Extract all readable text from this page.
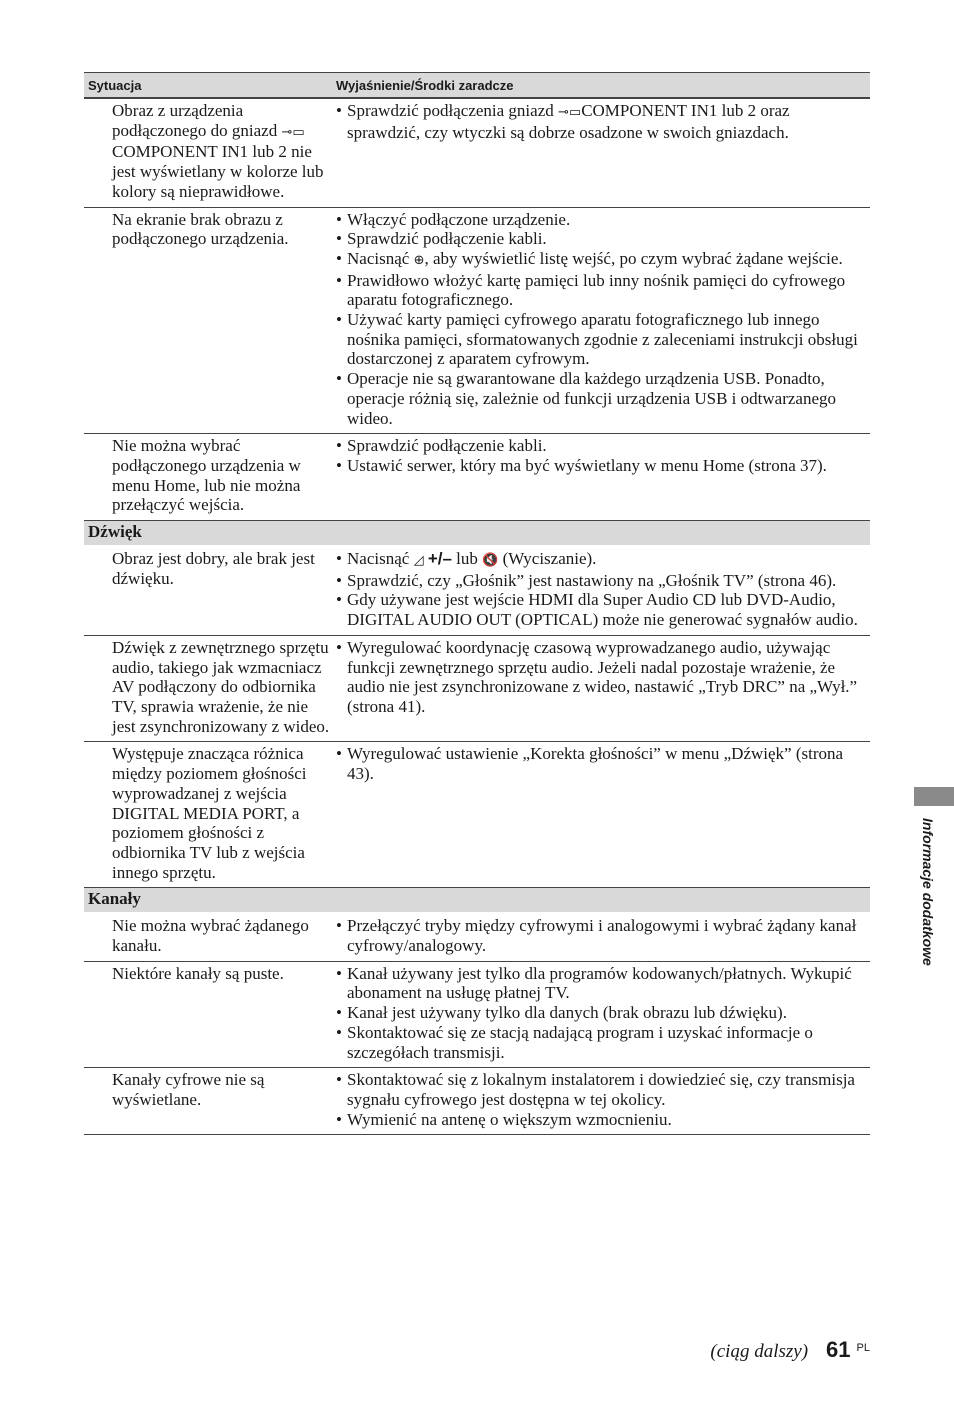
Sytuacja	Wyjaśnienie/Środki zaradcze
Obraz z urządzenia podłączonego do gniazd ⊸▭COMPONENT IN1 lub 2 nie jest wyświetlany w kolorze lub kolory są nieprawidłowe.
• Sprawdzić podłączenia gniazd ⊸▭COMPONENT IN1 lub 2 oraz sprawdzić, czy wtyczki są dobrze osadzone w swoich gniazdach.
Na ekranie brak obrazu z podłączonego urządzenia.
• Włączyć podłączone urządzenie.
• Sprawdzić podłączenie kabli.
• Nacisnąć ⊕, aby wyświetlić listę wejść, po czym wybrać żądane wejście.
• Prawidłowo włożyć kartę pamięci lub inny nośnik pamięci do cyfrowego aparatu fotograficznego.
• Używać karty pamięci cyfrowego aparatu fotograficznego lub innego nośnika pamięci, sformatowanych zgodnie z zaleceniami instrukcji obsługi dostarczonej z aparatem cyfrowym.
• Operacje nie są gwarantowane dla każdego urządzenia USB. Ponadto, operacje różnią się, zależnie od funkcji urządzenia USB i odtwarzanego wideo.
Nie można wybrać podłączonego urządzenia w menu Home, lub nie można przełączyć wejścia.
• Sprawdzić podłączenie kabli.
• Ustawić serwer, który ma być wyświetlany w menu Home (strona 37).
Dźwięk
Obraz jest dobry, ale brak jest dźwięku.
• Nacisnąć ◿ +/– lub 🔇 (Wyciszanie).
• Sprawdzić, czy „Głośnik” jest nastawiony na „Głośnik TV” (strona 46).
• Gdy używane jest wejście HDMI dla Super Audio CD lub DVD-Audio, DIGITAL AUDIO OUT (OPTICAL) może nie generować sygnałów audio.
Dźwięk z zewnętrznego sprzętu audio, takiego jak wzmacniacz AV podłączony do odbiornika TV, sprawia wrażenie, że nie jest zsynchronizowany z wideo.
• Wyregulować koordynację czasową wyprowadzanego audio, używając funkcji zewnętrznego sprzętu audio. Jeżeli nadal pozostaje wrażenie, że audio nie jest zsynchronizowane z wideo, nastawić „Tryb DRC” na „Wył.” (strona 41).
Występuje znacząca różnica między poziomem głośności wyprowadzanej z wejścia DIGITAL MEDIA PORT, a poziomem głośności z odbiornika TV lub z wejścia innego sprzętu.
• Wyregulować ustawienie „Korekta głośności” w menu „Dźwięk” (strona 43).
Kanały
Nie można wybrać żądanego kanału.
• Przełączyć tryby między cyfrowymi i analogowymi i wybrać żądany kanał cyfrowy/analogowy.
Niektóre kanały są puste.	• Kanał używany jest tylko dla programów kodowanych/płatnych. Wykupić abonament na usługę płatnej TV.
• Kanał jest używany tylko dla danych (brak obrazu lub dźwięku).
• Skontaktować się ze stacją nadającą program i uzyskać informacje o szczegółach transmisji.
Kanały cyfrowe nie są wyświetlane.
• Skontaktować się z lokalnym instalatorem i dowiedzieć się, czy transmisja sygnału cyfrowego jest dostępna w tej okolicy.
• Wymienić na antenę o większym wzmocnieniu.
Informacje dodatkowe
(ciąg dalszy) 61 PL
